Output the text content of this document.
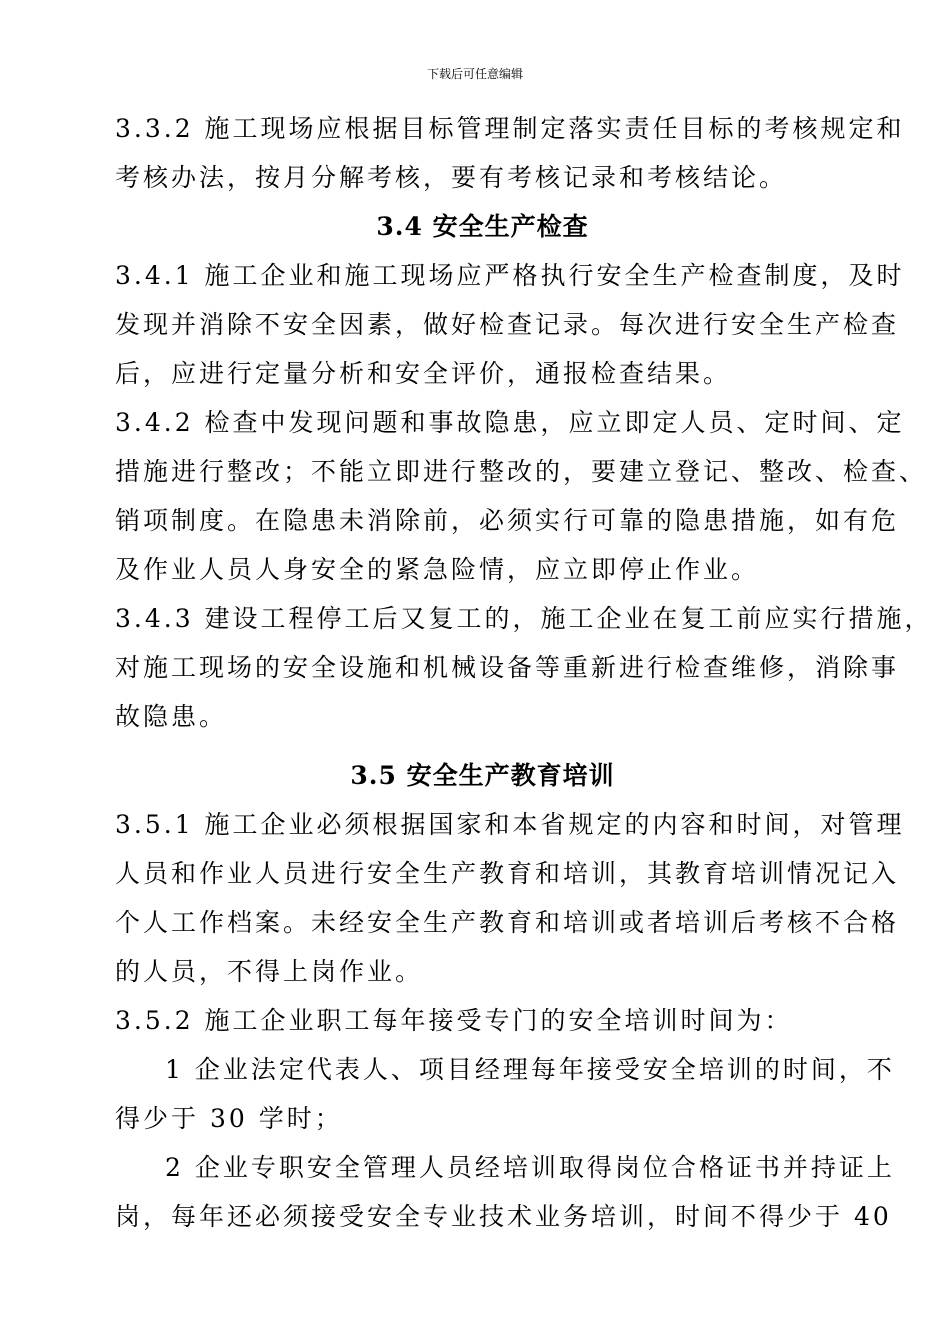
下载后可任意编辑
3.3.2 施工现场应根据目标管理制定落实责任目标的考核规定和
考核办法，按月分解考核，要有考核记录和考核结论。
3.4 安全生产检查
3.4.1 施工企业和施工现场应严格执行安全生产检查制度，及时
发现并消除不安全因素，做好检查记录。每次进行安全生产检查
后，应进行定量分析和安全评价，通报检查结果。
3.4.2 检查中发现问题和事故隐患，应立即定人员、定时间、定
措施进行整改；不能立即进行整改的，要建立登记、整改、检查、
销项制度。在隐患未消除前，必须实行可靠的隐患措施，如有危
及作业人员人身安全的紧急险情，应立即停止作业。
3.4.3 建设工程停工后又复工的，施工企业在复工前应实行措施，
对施工现场的安全设施和机械设备等重新进行检查维修，消除事
故隐患。
3.5 安全生产教育培训
3.5.1 施工企业必须根据国家和本省规定的内容和时间，对管理
人员和作业人员进行安全生产教育和培训，其教育培训情况记入
个人工作档案。未经安全生产教育和培训或者培训后考核不合格
的人员，不得上岗作业。
3.5.2 施工企业职工每年接受专门的安全培训时间为：
1 企业法定代表人、项目经理每年接受安全培训的时间，不
得少于 30 学时；
2 企业专职安全管理人员经培训取得岗位合格证书并持证上
岗，每年还必须接受安全专业技术业务培训，时间不得少于 40
